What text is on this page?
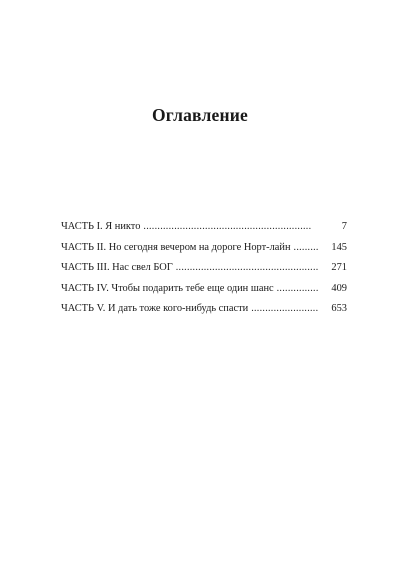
Оглавление
ЧАСТЬ I. Я никто . . .	7
ЧАСТЬ II. Но сегодня вечером на дороге Норт-лайн . . .	145
ЧАСТЬ III. Нас свел БОГ . . .	271
ЧАСТЬ IV. Чтобы подарить тебе еще один шанс . . .	409
ЧАСТЬ V. И дать тоже кого-нибудь спасти . . .	653
